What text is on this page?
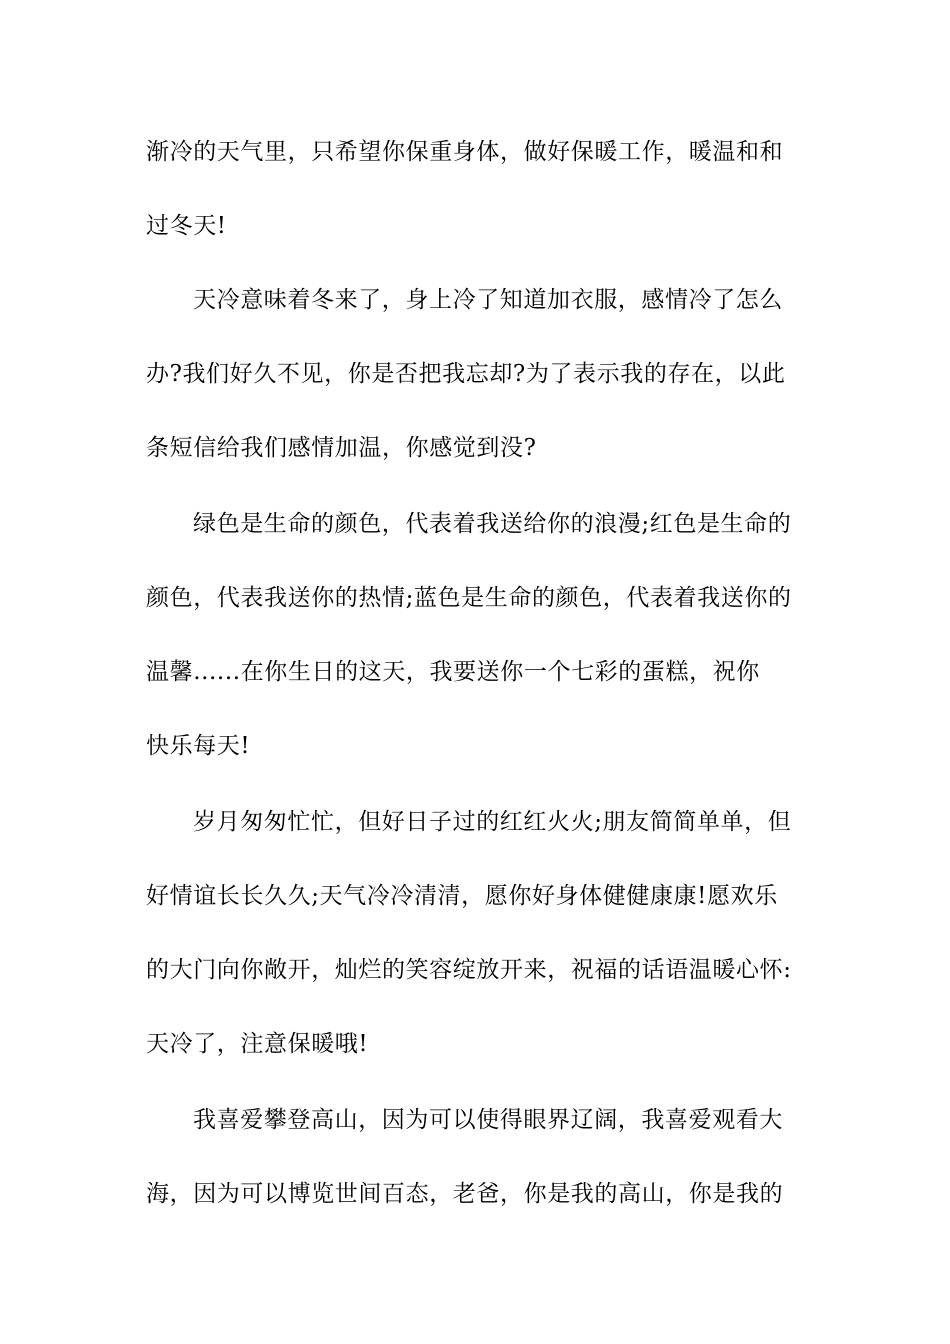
渐冷的天气里，只希望你保重身体，做好保暖工作，暖温和和
过冬天!
天冷意味着冬来了，身上冷了知道加衣服，感情冷了怎么
办?我们好久不见，你是否把我忘却?为了表示我的存在，以此
条短信给我们感情加温，你感觉到没?
绿色是生命的颜色，代表着我送给你的浪漫;红色是生命的
颜色，代表我送你的热情;蓝色是生命的颜色，代表着我送你的
温馨......在你生日的这天，我要送你一个七彩的蛋糕，祝你
快乐每天!
岁月匆匆忙忙，但好日子过的红红火火;朋友简简单单，但
好情谊长长久久;天气冷冷清清，愿你好身体健健康康!愿欢乐
的大门向你敞开，灿烂的笑容绽放开来，祝福的话语温暖心怀:
天冷了，注意保暖哦!
我喜爱攀登高山，因为可以使得眼界辽阔，我喜爱观看大
海，因为可以博览世间百态，老爸，你是我的高山，你是我的
